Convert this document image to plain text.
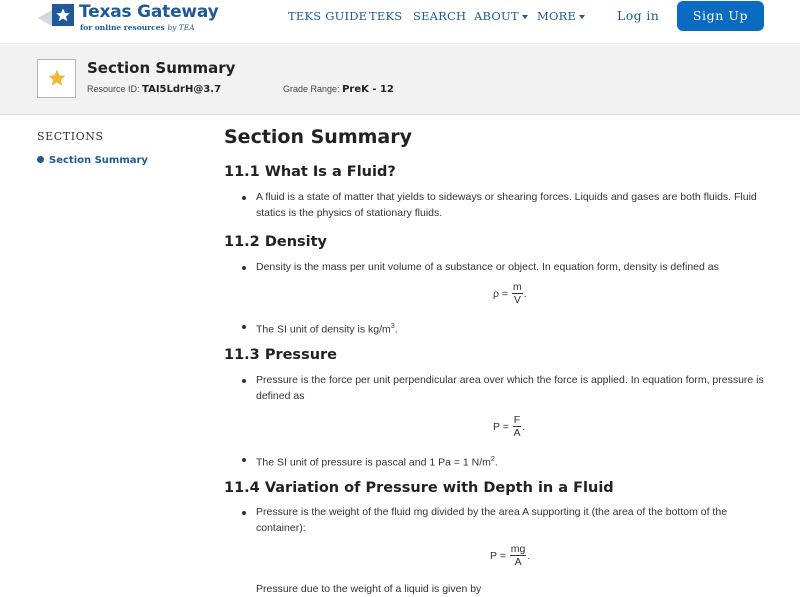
Texas Gateway
for online resources by TEA
TEKS GUIDE TEKS SEARCH ABOUT	MORE	Log in	Sign Up
Section Summary
Resource ID: TAI5LdrH@3.7	Grade Range: PreK - 12
SECTIONS
Section Summary
Section Summary
11.1 What Is a Fluid?
A fluid is a state of matter that yields to sideways or shearing forces. Liquids and gases are both fluids. Fluid statics is the physics of stationary fluids.
11.2 Density
Density is the mass per unit volume of a substance or object. In equation form, density is defined as
$\rho = \frac{m}{V}$ .
The SI unit of density is $kg/m^3$.
11.3 Pressure
Pressure is the force per unit perpendicular area over which the force is applied. In equation form, pressure is defined as
$P = \frac{F}{A}$ .
The SI unit of pressure is pascal and 1 Pa = 1 $N/m^2$.
11.4 Variation of Pressure with Depth in a Fluid
Pressure is the weight of the fluid mg divided by the area A supporting it (the area of the bottom of the container):
$P = \frac{mg}{A}$ .
Pressure due to the weight of a liquid is given by
